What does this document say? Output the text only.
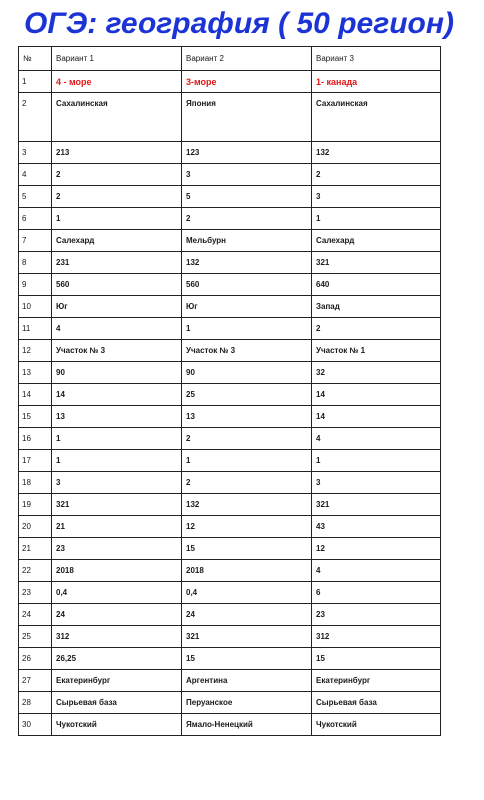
ОГЭ: география ( 50 регион)
№	Вариант 1	Вариант 2	Вариант 3
1	4 - море	3-море	1- канада
2	Сахалинская	Япония	Сахалинская
3	213	123	132
4	2	3	2
5	2	5	3
6	1	2	1
7	Салехард	Мельбурн	Салехард
8	231	132	321
9	560	560	640
10	Юг	Юг	Запад
11	4	1	2
12	Участок № 3	Участок № 3	Участок № 1
13	90	90	32
14	14	25	14
15	13	13	14
16	1	2	4
17	1	1	1
18	3	2	3
19	321	132	321
20	21	12	43
21	23	15	12
22	2018	2018	4
23	0,4	0,4	6
24	24	24	23
25	312	321	312
26	26,25	15	15
27	Екатеринбург	Аргентина	Екатеринбург
28	Сырьевая база	Перуанское	Сырьевая база
30	Чукотский	Ямало-Ненецкий	Чукотский
